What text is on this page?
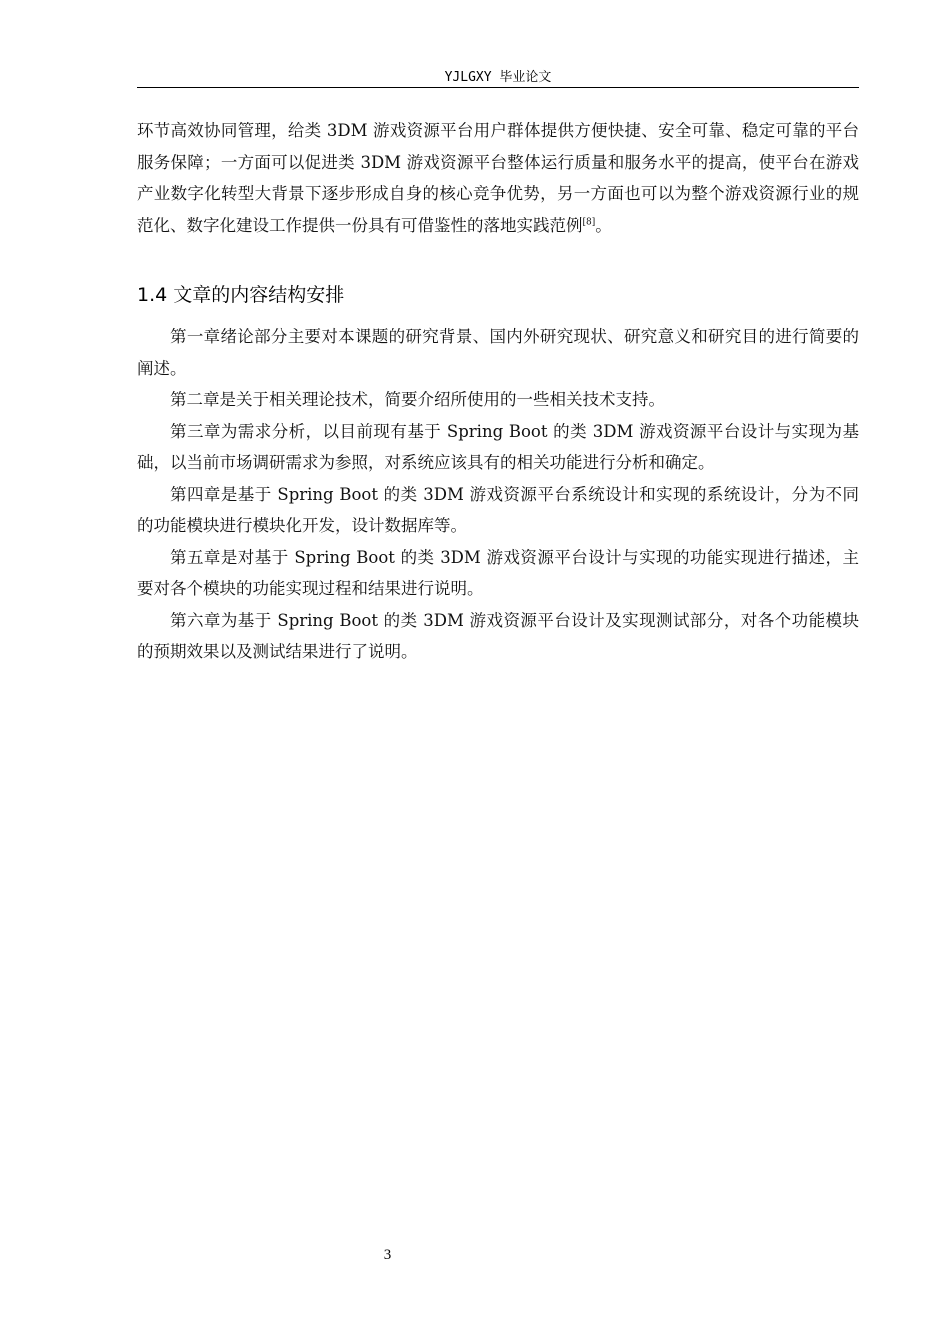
YJLGXY 毕业论文

环节高效协同管理，给类 3DM 游戏资源平台用户群体提供方便快捷、安全可靠、稳定可靠的平台服务保障；一方面可以促进类 3DM 游戏资源平台整体运行质量和服务水平的提高，使平台在游戏产业数字化转型大背景下逐步形成自身的核心竞争优势，另一方面也可以为整个游戏资源行业的规范化、数字化建设工作提供一份具有可借鉴性的落地实践范例[8]。

1.4 文章的内容结构安排

第一章绪论部分主要对本课题的研究背景、国内外研究现状、研究意义和研究目的进行简要的阐述。

第二章是关于相关理论技术，简要介绍所使用的一些相关技术支持。

第三章为需求分析，以目前现有基于 Spring Boot 的类 3DM 游戏资源平台设计与实现为基础，以当前市场调研需求为参照，对系统应该具有的相关功能进行分析和确定。

第四章是基于 Spring Boot 的类 3DM 游戏资源平台系统设计和实现的系统设计，分为不同的功能模块进行模块化开发，设计数据库等。

第五章是对基于 Spring Boot 的类 3DM 游戏资源平台设计与实现的功能实现进行描述，主要对各个模块的功能实现过程和结果进行说明。

第六章为基于 Spring Boot 的类 3DM 游戏资源平台设计及实现测试部分，对各个功能模块的预期效果以及测试结果进行了说明。

3
